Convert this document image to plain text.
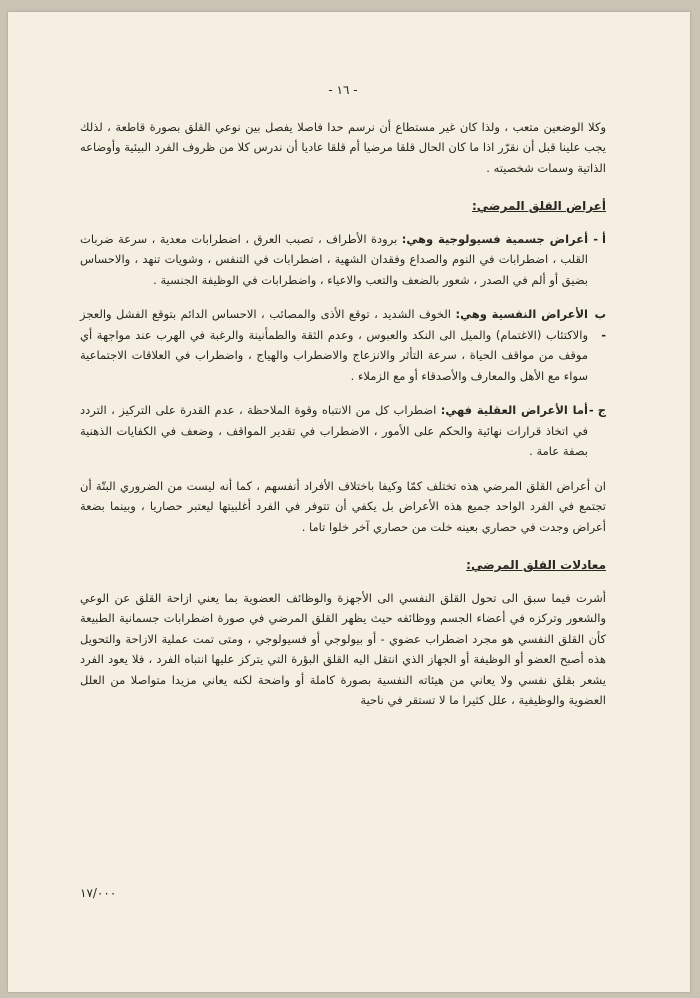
- ١٦ -

وكلا الوضعين متعب ، ولذا كان غير مستطاع أن نرسم حدا فاصلا يفصل بين نوعي القلق بصورة قاطعة ، لذلك يجب علينا قبل أن نقرّر اذا ما كان الحال قلقا مرضيا أم قلقا عاديا أن ندرس كلا من ظروف الفرد البيئية وأوضاعه الذاتية وسمات شخصيته .

أعراض القلق المرضي:
أ -
أعراض جسمية فسيولوجية وهي: برودة الأطراف ، تصبب العرق ، اضطرابات معدية ، سرعة ضربات القلب ، اضطرابات في النوم والصداع وفقدان الشهية ، اضطرابات في التنفس ، وشويات تنهد ، والاحساس بضيق أو ألم في الصدر ، شعور بالضعف والتعب والاعياء ، واضطرابات في الوظيفة الجنسية .
ب -
الأعراض النفسية وهي: الخوف الشديد ، توقع الأذى والمصائب ، الاحساس الدائم بتوقع الفشل والعجز والاكتئاب (الاغتمام) والميل الى النكد والعبوس ، وعدم الثقة والطمأنينة والرغبة في الهرب عند مواجهة أي موقف من مواقف الحياة ، سرعة التأثر والانزعاج والاضطراب والهياج ، واضطراب في العلاقات الاجتماعية سواء مع الأهل والمعارف والأصدقاء أو مع الزملاء .
ج -
أما الأعراض العقلية فهي: اضطراب كل من الانتباه وقوة الملاحظة ، عدم القدرة على التركيز ، التردد في اتخاذ قرارات نهائية والحكم على الأمور ، الاضطراب في تقدير المواقف ، وضعف في الكفايات الذهنية بصفة عامة .

ان أعراض القلق المرضي هذه تختلف كمّا وكيفا باختلاف الأفراد أنفسهم ، كما أنه ليست من الضروري البتّة أن تجتمع في الفرد الواحد جميع هذه الأعراض بل يكفي أن تتوفر في الفرد أغلبيتها ليعتبر حصاريا ، وبينما بضعة أعراض وجدت في حصاري بعينه خلت من حصاري آخر خلوا تاما .

معادلات القلق المرضي:

أشرت فيما سبق الى تحول القلق النفسي الى الأجهزة والوظائف العضوية بما يعني ازاحة القلق عن الوعي والشعور وتركزه في أعضاء الجسم ووظائفه حيث يظهر القلق المرضي في صورة اضطرابات جسمانية الطبيعة كأن القلق النفسي هو مجرد اضطراب عضوي - أو بيولوجي أو فسيولوجي ، ومتى تمت عملية الازاحة والتحويل هذه أصبح العضو أو الوظيفة أو الجهاز الذي انتقل اليه القلق البؤرة التي يتركز عليها انتباه الفرد ، فلا يعود الفرد يشعر بقلق نفسي ولا يعاني من هيئاته النفسية بصورة كاملة أو واضحة لكنه يعاني مزيدا متواصلا من العلل العضوية والوظيفية ، علل كثيرا ما لا تستقر في ناحية

١٧/٠٠٠
